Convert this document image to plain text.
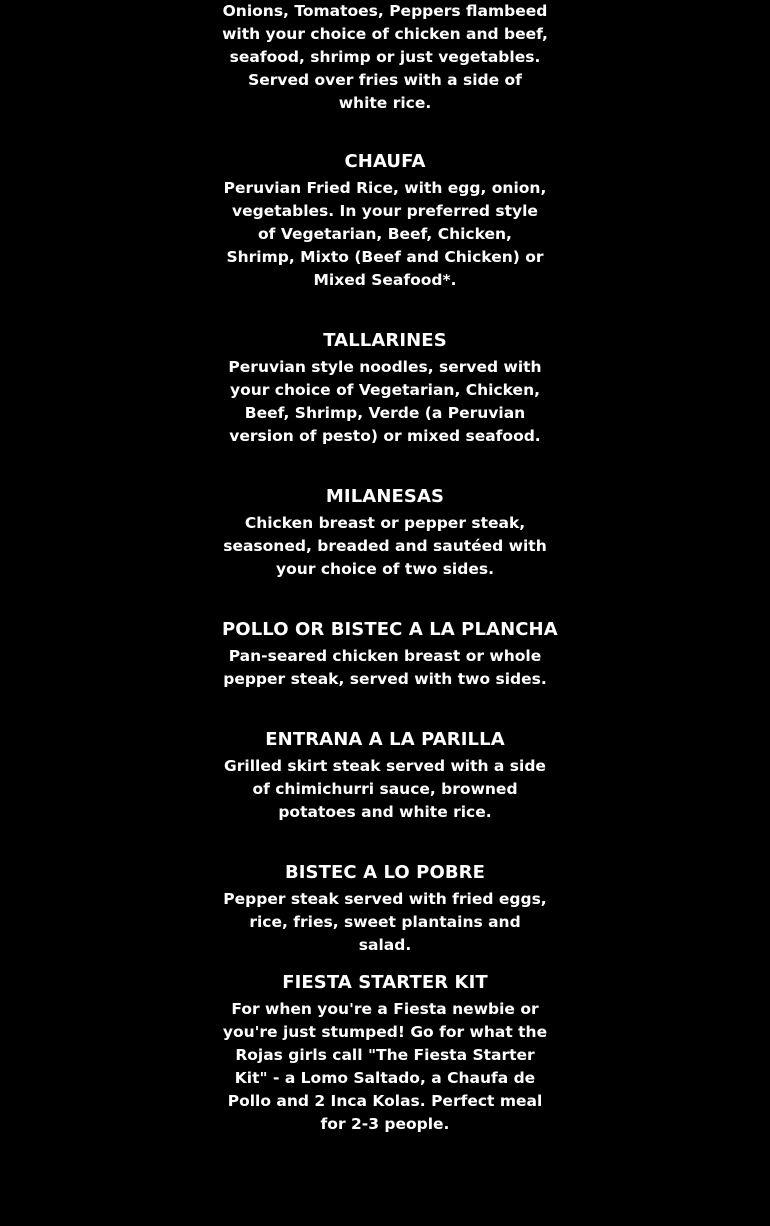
Onions, Tomatoes, Peppers flambeed with your choice of chicken and beef, seafood, shrimp or just vegetables. Served over fries with a side of white rice.

CHAUFA

Peruvian Fried Rice, with egg, onion, vegetables. In your preferred style of Vegetarian, Beef, Chicken, Shrimp, Mixto (Beef and Chicken) or Mixed Seafood*.

TALLARINES

Peruvian style noodles, served with your choice of Vegetarian, Chicken, Beef, Shrimp, Verde (a Peruvian version of pesto) or mixed seafood.

MILANESAS

Chicken breast or pepper steak, seasoned, breaded and sautéed with your choice of two sides.

POLLO OR BISTEC A LA PLANCHA

Pan-seared chicken breast or whole pepper steak, served with two sides.

ENTRANA A LA PARILLA

Grilled skirt steak served with a side of chimichurri sauce, browned potatoes and white rice.

BISTEC A LO POBRE

Pepper steak served with fried eggs, rice, fries, sweet plantains and salad.

FIESTA STARTER KIT

For when you're a Fiesta newbie or you're just stumped! Go for what the Rojas girls call "The Fiesta Starter Kit" - a Lomo Saltado, a Chaufa de Pollo and 2 Inca Kolas. Perfect meal for 2-3 people.
